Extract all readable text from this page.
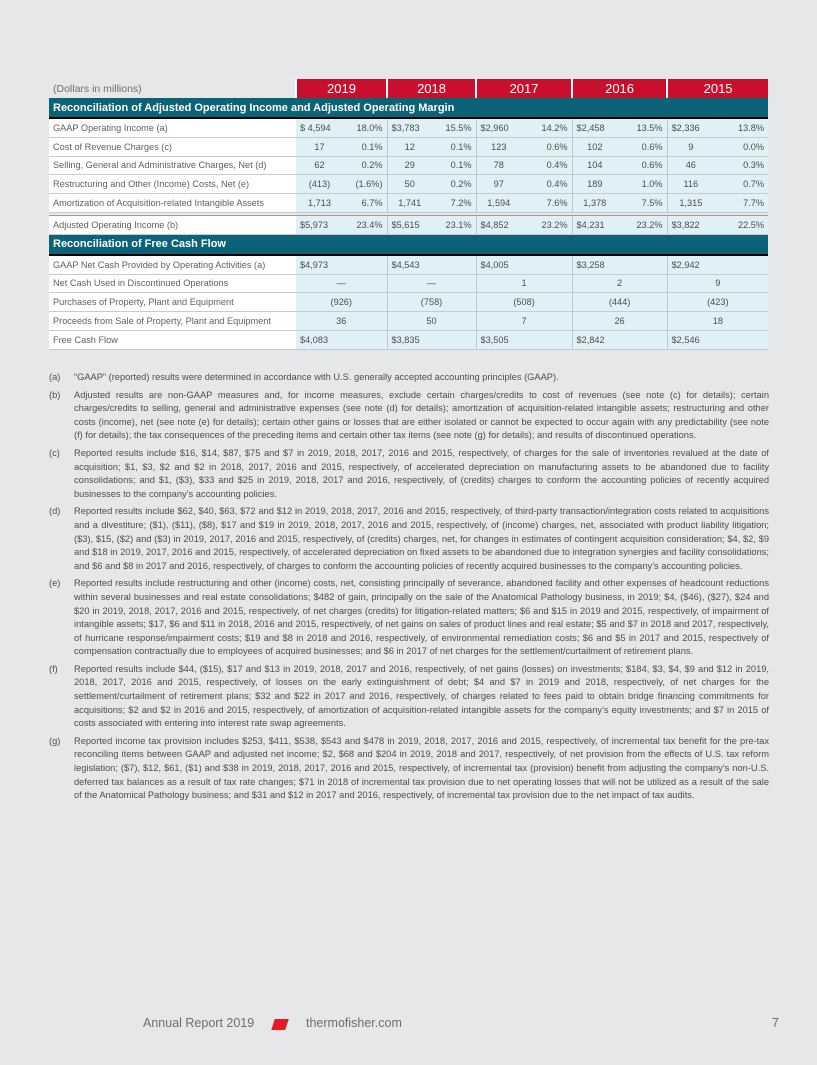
(Dollars in millions)	2019		2018		2017		2016		2015	
Reconciliation of Adjusted Operating Income and Adjusted Operating Margin										
GAAP Operating Income (a)	$ 4,594	18.0%	$3,783	15.5%	$2,960	14.2%	$2,458	13.5%	$2,336	13.8%
Cost of Revenue Charges (c)	17	0.1%	12	0.1%	123	0.6%	102	0.6%	9	0.0%
Selling, General and Administrative Charges, Net (d)	62	0.2%	29	0.1%	78	0.4%	104	0.6%	46	0.3%
Restructuring and Other (Income) Costs, Net (e)	(413)	(1.6%)	50	0.2%	97	0.4%	189	1.0%	116	0.7%
Amortization of Acquisition-related Intangible Assets	1,713	6.7%	1,741	7.2%	1,594	7.6%	1,378	7.5%	1,315	7.7%

Adjusted Operating Income (b)	$5,973	23.4%	$5,615	23.1%	$4,852	23.2%	$4,231	23.2%	$3,822	22.5%
Reconciliation of Free Cash Flow										
GAAP Net Cash Provided by Operating Activities (a)	$4,973		$4,543		$4,005		$3,258		$2,942	
Net Cash Used in Discontinued Operations	—		—		1		2		9	
Purchases of Property, Plant and Equipment	(926)		(758)		(508)		(444)		(423)	
Proceeds from Sale of Property, Plant and Equipment	36		50		7		26		18	
Free Cash Flow	$4,083		$3,835		$3,505		$2,842		$2,546	
(a)	“GAAP” (reported) results were determined in accordance with U.S. generally accepted accounting principles (GAAP).
(b)	Adjusted results are non-GAAP measures and, for income measures, exclude certain charges/credits to cost of revenues (see note (c) for details); certain charges/credits to selling, general and administrative expenses (see note (d) for details); amortization of acquisition-related intangible assets; restructuring and other costs (income), net (see note (e) for details); certain other gains or losses that are either isolated or cannot be expected to occur again with any predictability (see note (f) for details); the tax consequences of the preceding items and certain other tax items (see note (g) for details); and results of discontinued operations.
(c)	Reported results include $16, $14, $87, $75 and $7 in 2019, 2018, 2017, 2016 and 2015, respectively, of charges for the sale of inventories revalued at the date of acquisition; $1, $3, $2 and $2 in 2018, 2017, 2016 and 2015, respectively, of accelerated depreciation on manufacturing assets to be abandoned due to facility consolidations; and $1, ($3), $33 and $25 in 2019, 2018, 2017 and 2016, respectively, of (credits) charges to conform the accounting policies of recently acquired businesses to the company’s accounting policies.
(d)	Reported results include $62, $40, $63, $72 and $12 in 2019, 2018, 2017, 2016 and 2015, respectively, of third-party transaction/integration costs related to acquisitions and a divestiture; ($1), ($11), ($8), $17 and $19 in 2019, 2018, 2017, 2016 and 2015, respectively, of (income) charges, net, associated with product liability litigation; ($3), $15, ($2) and ($3) in 2019, 2017, 2016 and 2015, respectively, of (credits) charges, net, for changes in estimates of contingent acquisition consideration; $4, $2, $9 and $18 in 2019, 2017, 2016 and 2015, respectively, of accelerated depreciation on fixed assets to be abandoned due to integration synergies and facility consolidations; and $6 and $8 in 2017 and 2016, respectively, of charges to conform the accounting policies of recently acquired businesses to the company’s accounting policies.
(e)	Reported results include restructuring and other (income) costs, net, consisting principally of severance, abandoned facility and other expenses of headcount reductions within several businesses and real estate consolidations; $482 of gain, principally on the sale of the Anatomical Pathology business, in 2019; $4, ($46), ($27), $24 and $20 in 2019, 2018, 2017, 2016 and 2015, respectively, of net charges (credits) for litigation-related matters; $6 and $15 in 2019 and 2015, respectively, of impairment of intangible assets; $17, $6 and $11 in 2018, 2016 and 2015, respectively, of net gains on sales of product lines and real estate; $5 and $7 in 2018 and 2017, respectively, of hurricane response/impairment costs; $19 and $8 in 2018 and 2016, respectively, of environmental remediation costs; $6 and $5 in 2017 and 2015, respectively of compensation contractually due to employees of acquired businesses; and $6 in 2017 of net charges for the settlement/curtailment of retirement plans.
(f)	Reported results include $44, ($15), $17 and $13 in 2019, 2018, 2017 and 2016, respectively, of net gains (losses) on investments; $184, $3, $4, $9 and $12 in 2019, 2018, 2017, 2016 and 2015, respectively, of losses on the early extinguishment of debt; $4 and $7 in 2019 and 2018, respectively, of net charges for the settlement/curtailment of retirement plans; $32 and $22 in 2017 and 2016, respectively, of charges related to fees paid to obtain bridge financing commitments for acquisitions; $2 and $2 in 2016 and 2015, respectively, of amortization of acquisition-related intangible assets for the company’s equity investments; and $7 in 2015 of costs associated with entering into interest rate swap agreements.
(g)	Reported income tax provision includes $253, $411, $538, $543 and $478 in 2019, 2018, 2017, 2016 and 2015, respectively, of incremental tax benefit for the pre-tax reconciling items between GAAP and adjusted net income; $2, $68 and $204 in 2019, 2018 and 2017, respectively, of net provision from the effects of U.S. tax reform legislation; ($7), $12, $61, ($1) and $38 in 2019, 2018, 2017, 2016 and 2015, respectively, of incremental tax (provision) benefit from adjusting the company’s non-U.S. deferred tax balances as a result of tax rate changes; $71 in 2018 of incremental tax provision due to net operating losses that will not be utilized as a result of the sale of the Anatomical Pathology business; and $31 and $12 in 2017 and 2016, respectively, of incremental tax provision due to the net impact of tax audits.
Annual Report 2019	thermofisher.com	7
